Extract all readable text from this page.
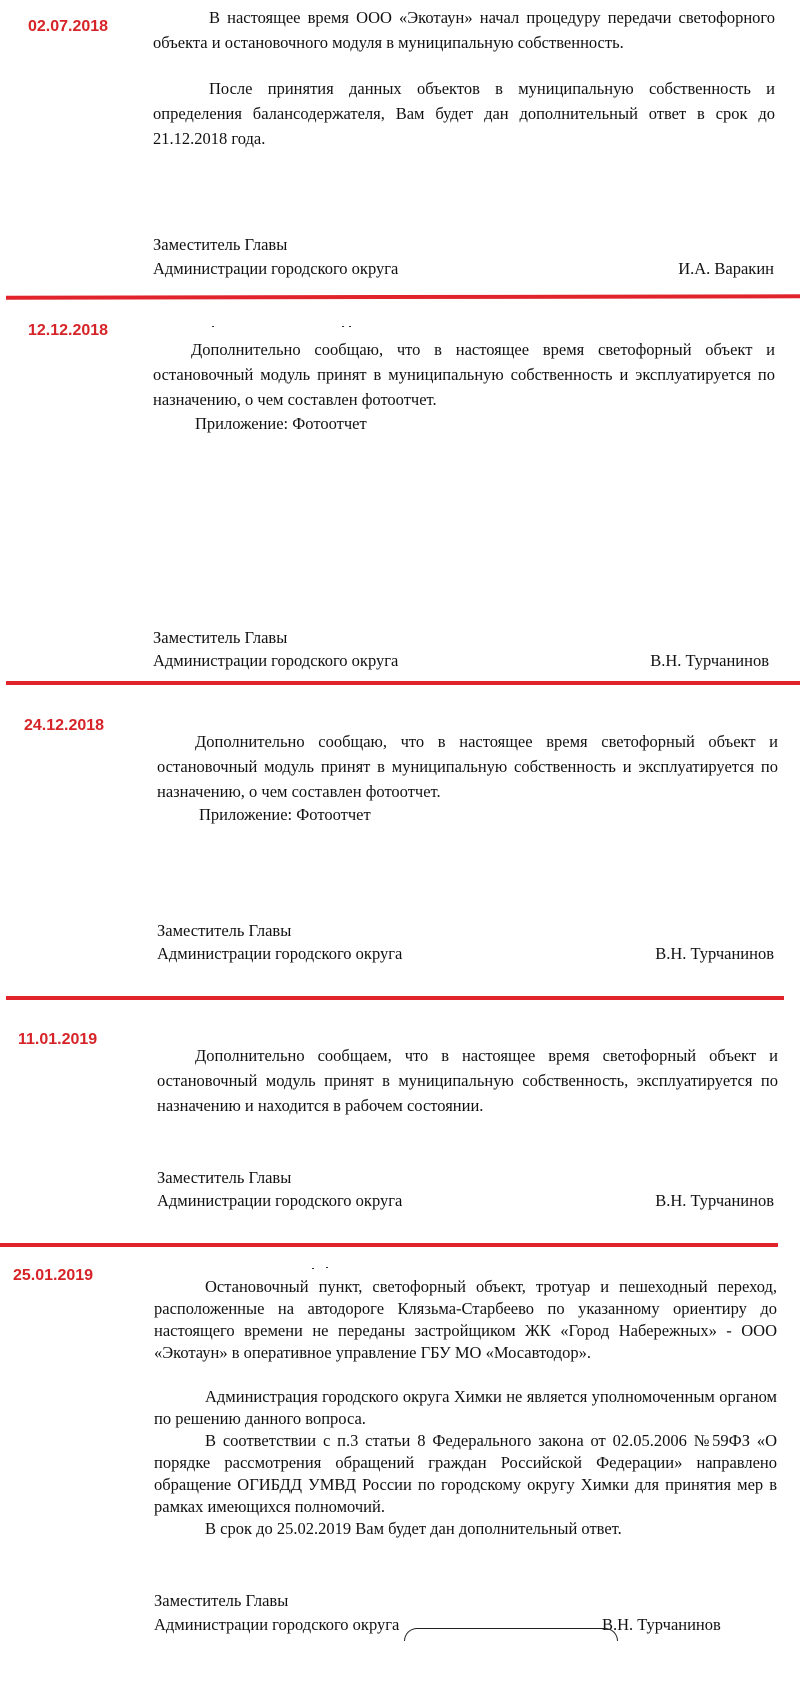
02.07.2018	В настоящее время ООО «Экотаун» начал процедуру передачи светофорного объекта и остановочного модуля в муниципальную собственность.

После принятия данных объектов в муниципальную собственность и определения балансодержателя, Вам будет дан дополнительный ответ в срок до 21.12.2018 года.

Заместитель Главы
Администрации городского округа	И.А. Варакин
12.12.2018

Дополнительно сообщаю, что в настоящее время светофорный объект и остановочный модуль принят в муниципальную собственность и эксплуатируется по назначению, о чем составлен фотоотчет.

Приложение: Фотоотчет
Заместитель Главы
Администрации городского округа	В.Н. Турчанинов
24.12.2018

Дополнительно сообщаю, что в настоящее время светофорный объект и остановочный модуль принят в муниципальную собственность и эксплуатируется по назначению, о чем составлен фотоотчет.

Приложение: Фотоотчет
Заместитель Главы
Администрации городского округа	В.Н. Турчанинов
11.01.2019

Дополнительно сообщаем, что в настоящее время светофорный объект и остановочный модуль принят в муниципальную собственность, эксплуатируется по назначению и находится в рабочем состоянии.

Заместитель Главы
Администрации городского округа	В.Н. Турчанинов
25.01.2019

Остановочный пункт, светофорный объект, тротуар и пешеходный переход, расположенные на автодороге Клязьма-Старбеево по указанному ориентиру до настоящего времени не переданы застройщиком ЖК «Город Набережных» - ООО «Экотаун» в оперативное управление ГБУ МО «Мосавтодор».

Администрация городского округа Химки не является уполномоченным органом по решению данного вопроса.

В соответствии с п.3 статьи 8 Федерального закона от 02.05.2006 №59ФЗ «О порядке рассмотрения обращений граждан Российской Федерации» направлено обращение ОГИБДД УМВД России по городскому округу Химки для принятия мер в рамках имеющихся полномочий.

В срок до 25.02.2019 Вам будет дан дополнительный ответ.

Заместитель Главы
Администрации городского округа	В.Н. Турчанинов
